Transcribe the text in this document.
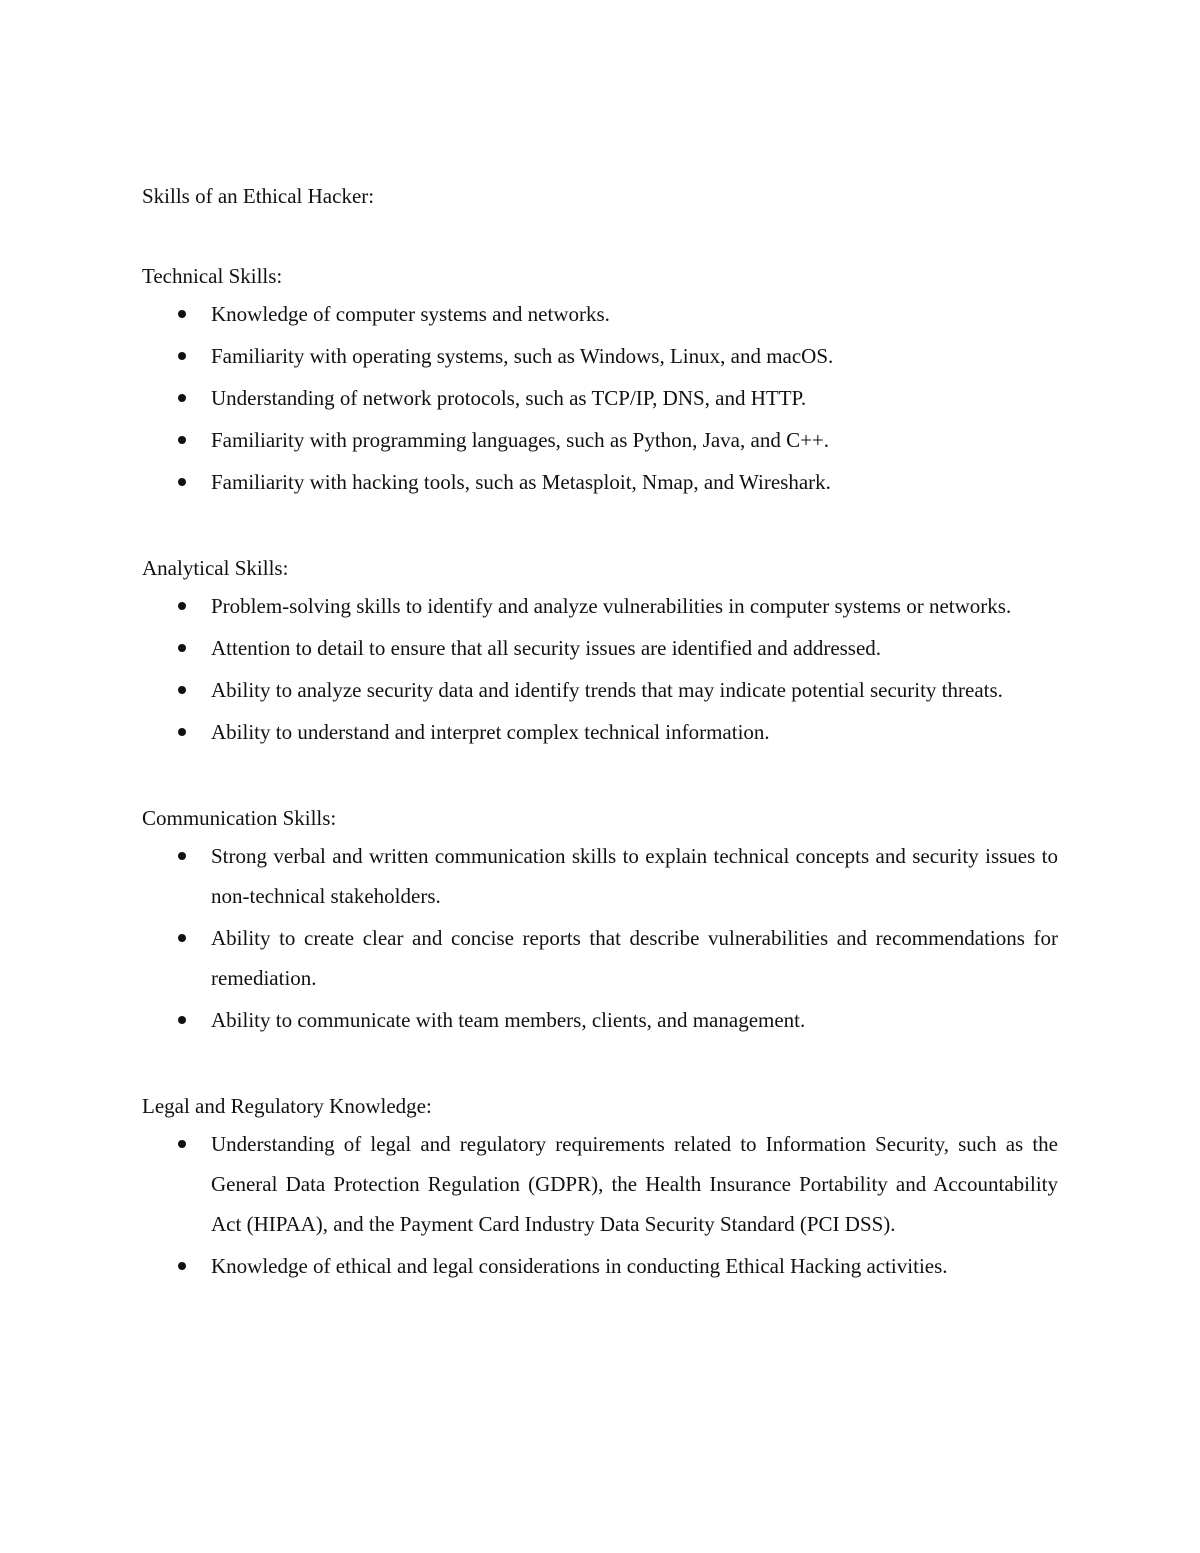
Skills of an Ethical Hacker:
Technical Skills:
Knowledge of computer systems and networks.
Familiarity with operating systems, such as Windows, Linux, and macOS.
Understanding of network protocols, such as TCP/IP, DNS, and HTTP.
Familiarity with programming languages, such as Python, Java, and C++.
Familiarity with hacking tools, such as Metasploit, Nmap, and Wireshark.
Analytical Skills:
Problem-solving skills to identify and analyze vulnerabilities in computer systems or networks.
Attention to detail to ensure that all security issues are identified and addressed.
Ability to analyze security data and identify trends that may indicate potential security threats.
Ability to understand and interpret complex technical information.
Communication Skills:
Strong verbal and written communication skills to explain technical concepts and security issues to non-technical stakeholders.
Ability to create clear and concise reports that describe vulnerabilities and recommendations for remediation.
Ability to communicate with team members, clients, and management.
Legal and Regulatory Knowledge:
Understanding of legal and regulatory requirements related to Information Security, such as the General Data Protection Regulation (GDPR), the Health Insurance Portability and Accountability Act (HIPAA), and the Payment Card Industry Data Security Standard (PCI DSS).
Knowledge of ethical and legal considerations in conducting Ethical Hacking activities.
